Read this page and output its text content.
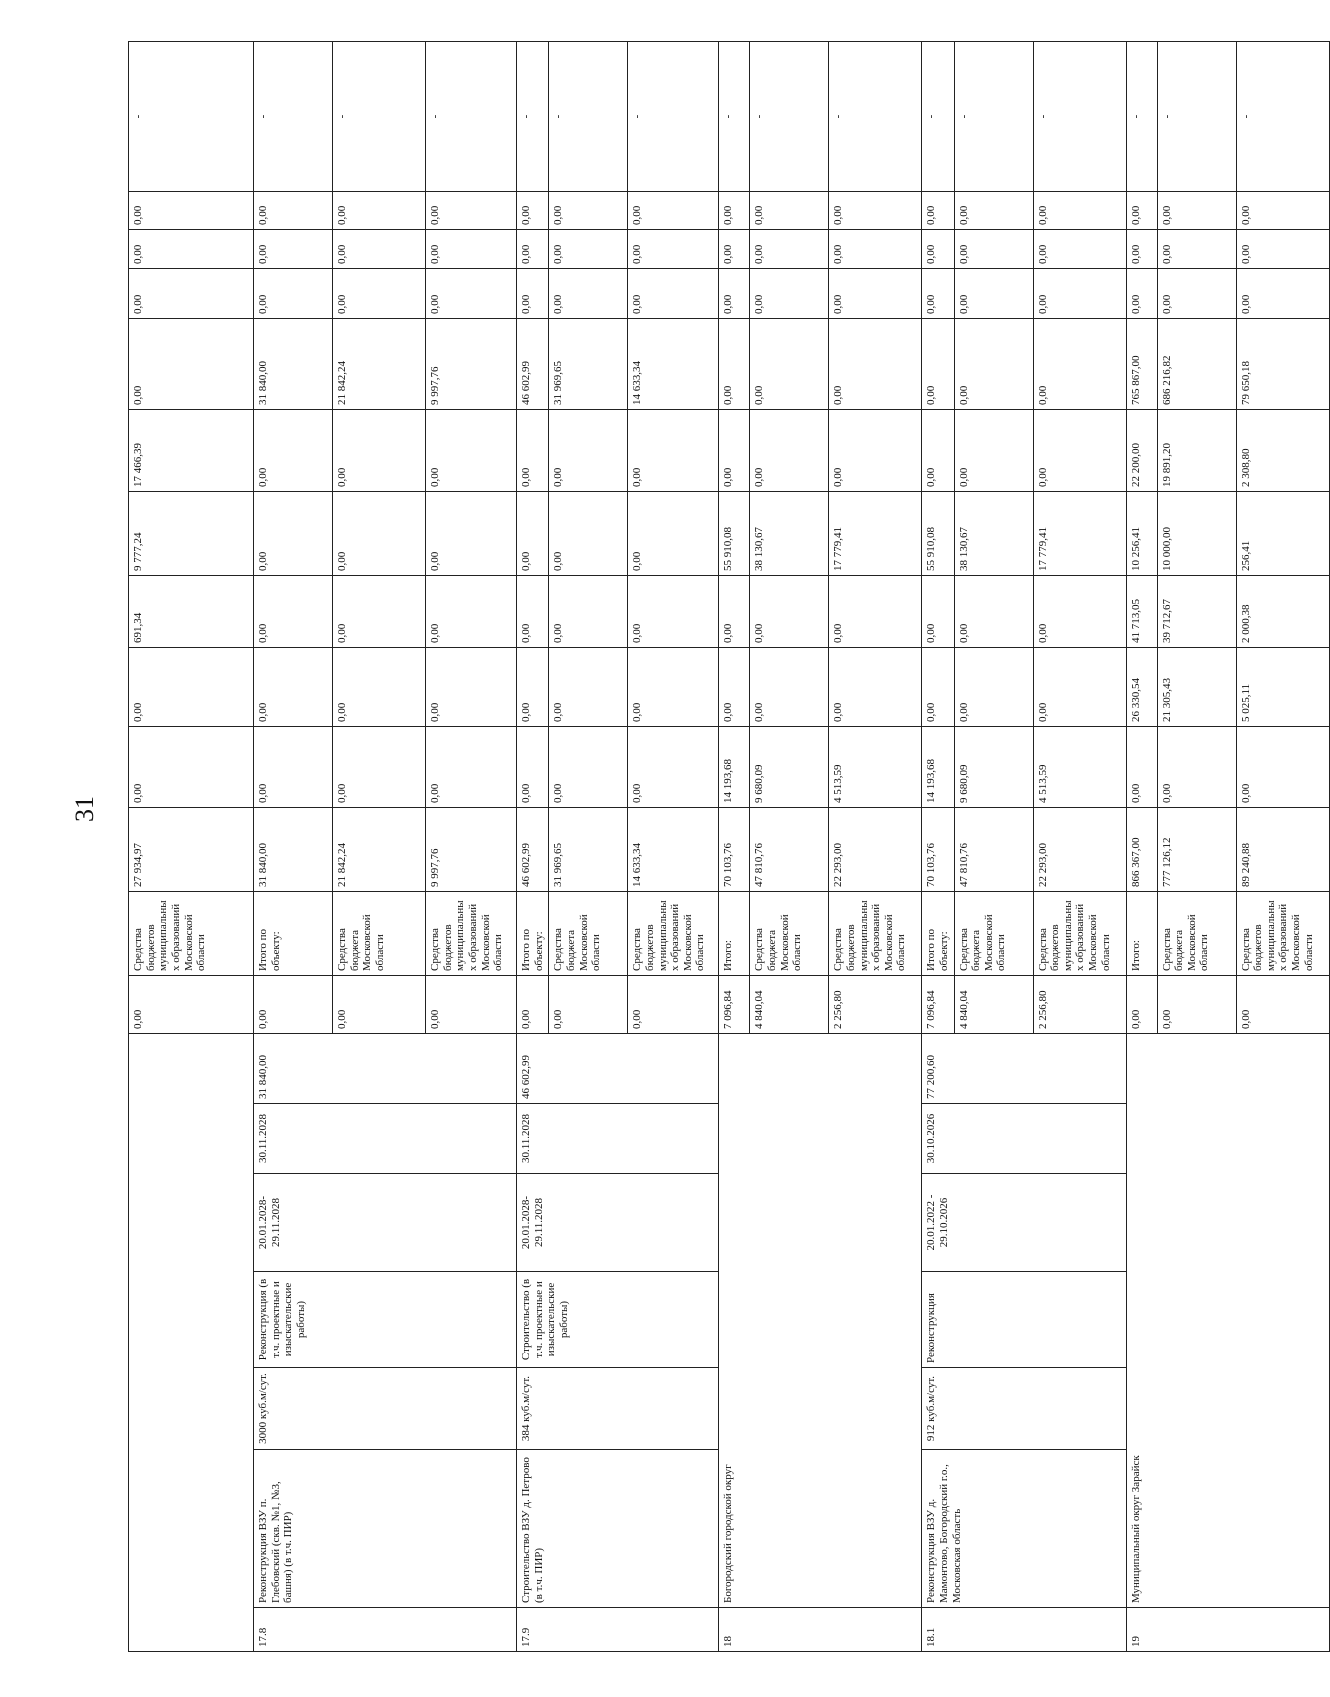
31
							0,00	Средства бюджетов муниципальных образований Московской области	27 934,97	0,00	0,00	691,34	9 777,24	17 466,39	0,00	0,00	0,00	0,00	-
17.8	Реконструкция ВЗУ п. Глебовский (скв. №1, №3, башня) (в т.ч. ПИР)	3000 куб.м/сут.	Реконструкция (в т.ч. проектные и изыскательские работы)	20.01.2028-29.11.2028	30.11.2028	31 840,00	0,00	Итого по объекту:	31 840,00	0,00	0,00	0,00	0,00	0,00	31 840,00	0,00	0,00	0,00	-
							0,00	Средства бюджета Московской области	21 842,24	0,00	0,00	0,00	0,00	0,00	21 842,24	0,00	0,00	0,00	-
							0,00	Средства бюджетов муниципальных образований Московской области	9 997,76	0,00	0,00	0,00	0,00	0,00	9 997,76	0,00	0,00	0,00	-
17.9	Строительство ВЗУ д. Петрово (в т.ч. ПИР)	384 куб.м/сут.	Строительство (в т.ч. проектные и изыскательские работы)	20.01.2028-29.11.2028	30.11.2028	46 602,99	0,00	Итого по объекту:	46 602,99	0,00	0,00	0,00	0,00	0,00	46 602,99	0,00	0,00	0,00	-
							0,00	Средства бюджета Московской области	31 969,65	0,00	0,00	0,00	0,00	0,00	31 969,65	0,00	0,00	0,00	-
							0,00	Средства бюджетов муниципальных образований Московской области	14 633,34	0,00	0,00	0,00	0,00	0,00	14 633,34	0,00	0,00	0,00	-
18	Богородский городской округ						7 096,84	Итого:	70 103,76	14 193,68	0,00	0,00	55 910,08	0,00	0,00	0,00	0,00	0,00	-
							4 840,04	Средства бюджета Московской области	47 810,76	9 680,09	0,00	0,00	38 130,67	0,00	0,00	0,00	0,00	0,00	-
							2 256,80	Средства бюджетов муниципальных образований Московской области	22 293,00	4 513,59	0,00	0,00	17 779,41	0,00	0,00	0,00	0,00	0,00	-
18.1	Реконструкция ВЗУ д. Мамонтово, Богородский г.о., Московская область	912 куб.м/сут.	Реконструкция	20.01.2022 - 29.10.2026	30.10.2026	77 200,60	7 096,84	Итого по объекту:	70 103,76	14 193,68	0,00	0,00	55 910,08	0,00	0,00	0,00	0,00	0,00	-
							4 840,04	Средства бюджета Московской области	47 810,76	9 680,09	0,00	0,00	38 130,67	0,00	0,00	0,00	0,00	0,00	-
							2 256,80	Средства бюджетов муниципальных образований Московской области	22 293,00	4 513,59	0,00	0,00	17 779,41	0,00	0,00	0,00	0,00	0,00	-
19	Муниципальный округ Зарайск						0,00	Итого:	866 367,00	0,00	26 330,54	41 713,05	10 256,41	22 200,00	765 867,00	0,00	0,00	0,00	-
							0,00	Средства бюджета Московской области	777 126,12	0,00	21 305,43	39 712,67	10 000,00	19 891,20	686 216,82	0,00	0,00	0,00	-
							0,00	Средства бюджетов муниципальных образований Московской области	89 240,88	0,00	5 025,11	2 000,38	256,41	2 308,80	79 650,18	0,00	0,00	0,00	-
